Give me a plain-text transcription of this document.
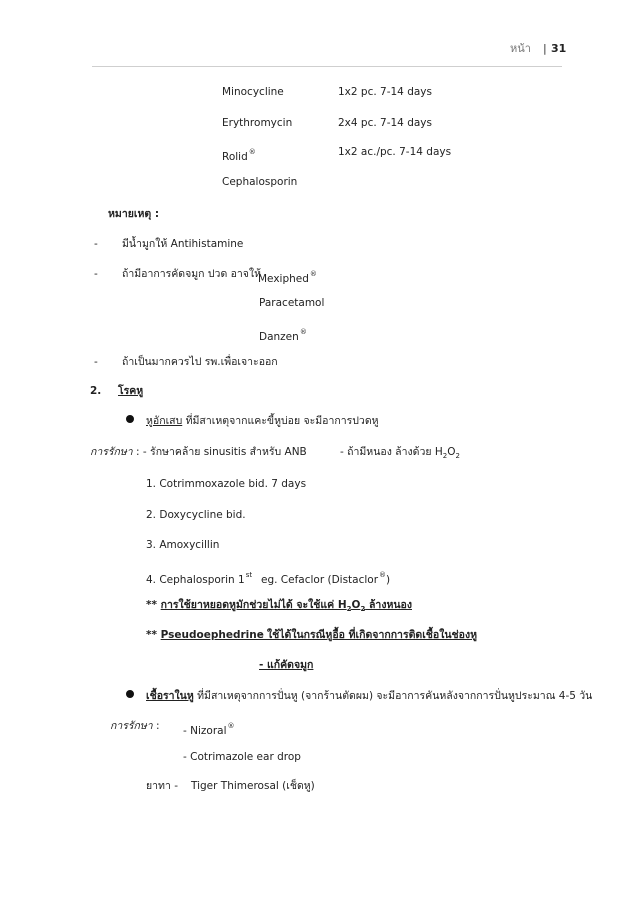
หน้า | 31
Minocycline	1x2 pc. 7-14 days
Erythromycin	2x4 pc. 7-14 days
Rolid®	1x2 ac./pc. 7-14 days
Cephalosporin
หมายเหตุ :
- มีน้ำมูกให้ Antihistamine
- ถ้ามีอาการคัดจมูก ปวด อาจให้
Mexiphed®
Paracetamol
Danzen®
- ถ้าเป็นมากควรไป รพ.เพื่อเจาะออก
2. โรคหู
หูอักเสบ ที่มีสาเหตุจากแคะขี้หูบ่อย จะมีอาการปวดหู
การรักษา : - รักษาคล้าย sinusitis สำหรับ ANB	- ถ้ามีหนอง ล้างด้วย $H_2O_2$
1. Cotrimmoxazole bid. 7 days
2. Doxycycline bid.
3. Amoxycillin
4. Cephalosporin 1st eg. Cefaclor (Distaclor®)
** การใช้ยาหยอดหูมักช่วยไม่ได้ จะใช้แค่ $H_2O_2$ ล้างหนอง
** Pseudoephedrine
- ใช้ได้ในกรณีหูอื้อ ที่เกิดจากการติดเชื้อในช่องหู
- แก้คัดจมูก
เชื้อราในหู ที่มีสาเหตุจากการปั่นหู (จากร้านตัดผม) จะมีอาการคันหลังจากการปั่นหูประมาณ 4-5 วัน
การรักษา : - Nizoral®
- Cotrimazole ear drop
ยาทา - Tiger Thimerosal (เช็ดหู)
